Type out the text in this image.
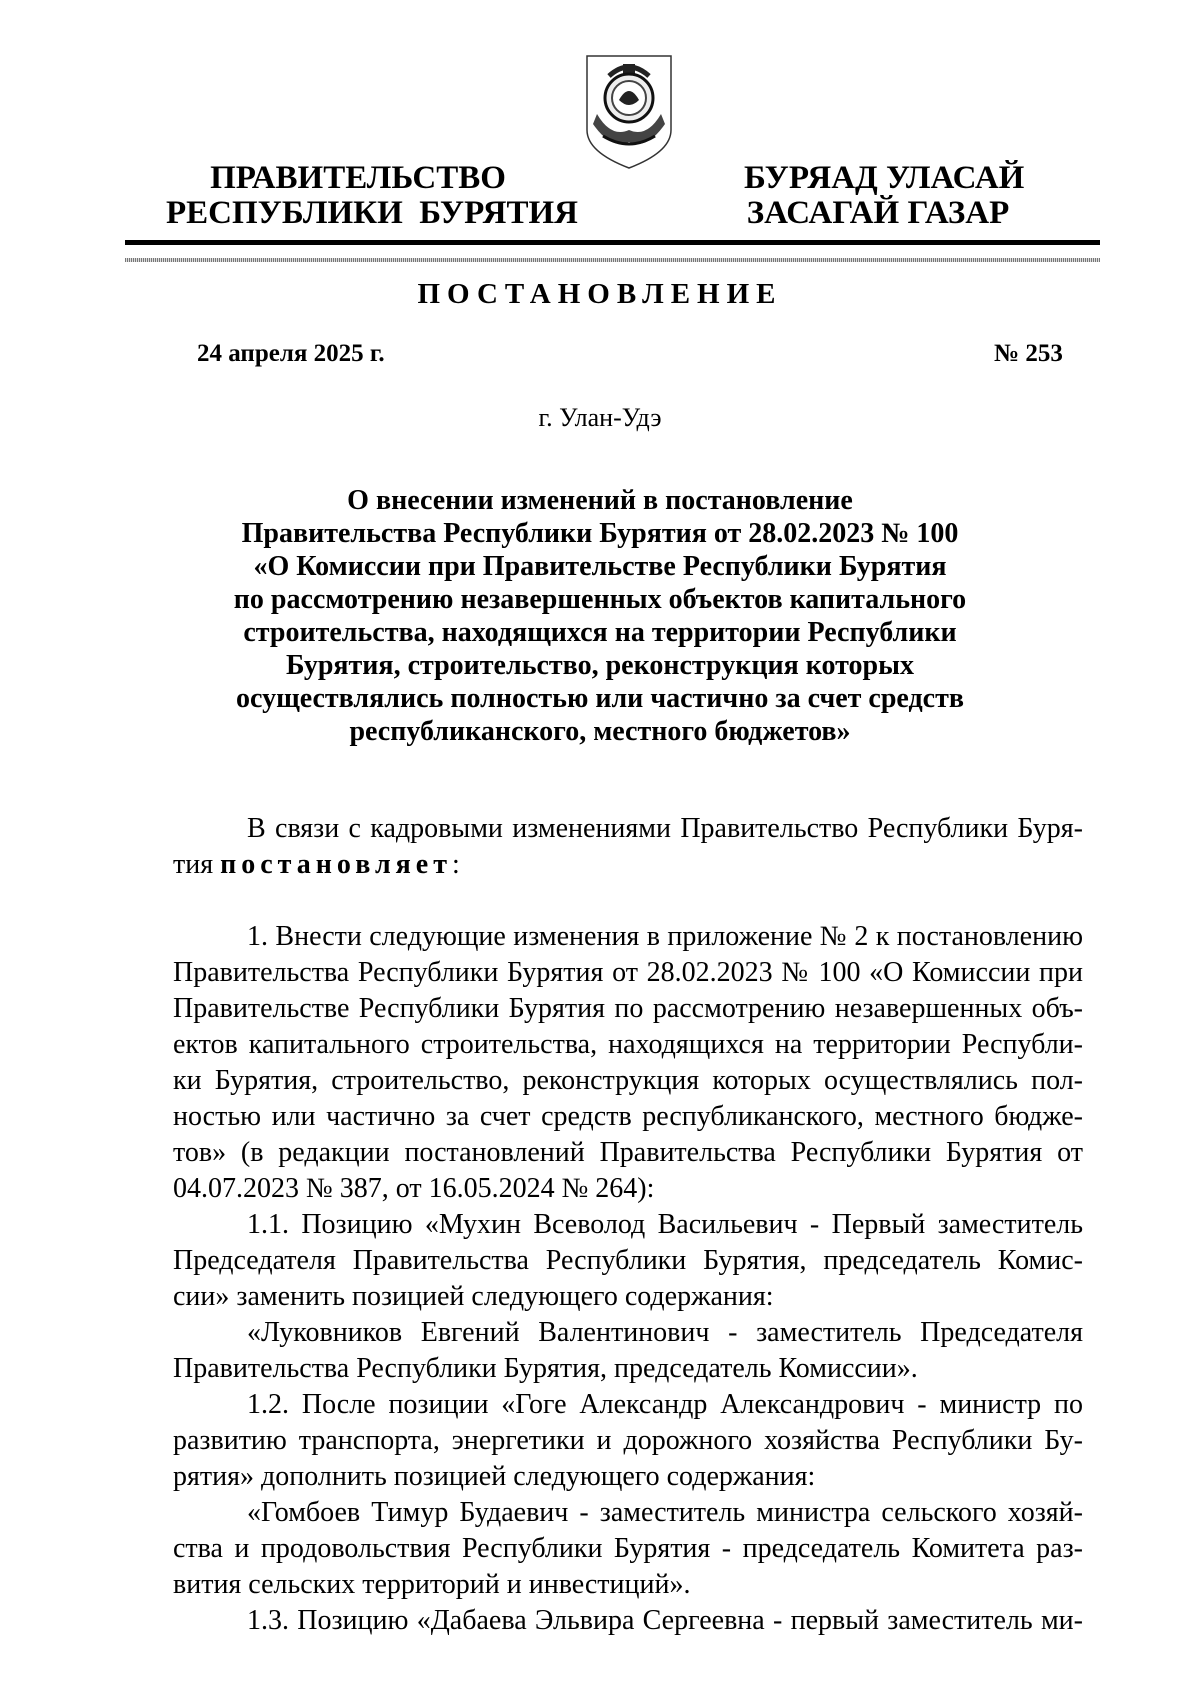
ПРАВИТЕЛЬСТВО
РЕСПУБЛИКИ  БУРЯТИЯ
БУРЯАД УЛАСАЙ
ЗАСАГАЙ ГАЗАР
ПОСТАНОВЛЕНИЕ
24 апреля 2025 г.	№ 253
г. Улан-Удэ
О внесении изменений в постановление
Правительства Республики Бурятия от 28.02.2023 № 100
«О Комиссии при Правительстве Республики Бурятия
по рассмотрению незавершенных объектов капитального
строительства, находящихся на территории Республики
Бурятия, строительство, реконструкция которых
осуществлялись полностью или частично за счет средств
республиканского, местного бюджетов»
В связи с кадровыми изменениями Правительство Республики Буря-
тия постановляет:
1. Внести следующие изменения в приложение № 2 к постановлению
Правительства Республики Бурятия от 28.02.2023 № 100 «О Комиссии при
Правительстве Республики Бурятия по рассмотрению незавершенных объ-
ектов капитального строительства, находящихся на территории Республи-
ки Бурятия, строительство, реконструкция которых осуществлялись пол-
ностью или частично за счет средств республиканского, местного бюдже-
тов» (в редакции постановлений Правительства Республики Бурятия от
04.07.2023 № 387, от 16.05.2024 № 264):
1.1. Позицию «Мухин Всеволод Васильевич - Первый заместитель
Председателя Правительства Республики Бурятия, председатель Комис-
сии» заменить позицией следующего содержания:
«Луковников Евгений Валентинович - заместитель Председателя
Правительства Республики Бурятия, председатель Комиссии».
1.2. После позиции «Гоге Александр Александрович - министр по
развитию транспорта, энергетики и дорожного хозяйства Республики Бу-
рятия» дополнить позицией следующего содержания:
«Гомбоев Тимур Будаевич - заместитель министра сельского хозяй-
ства и продовольствия Республики Бурятия - председатель Комитета раз-
вития сельских территорий и инвестиций».
1.3. Позицию «Дабаева Эльвира Сергеевна - первый заместитель ми-
